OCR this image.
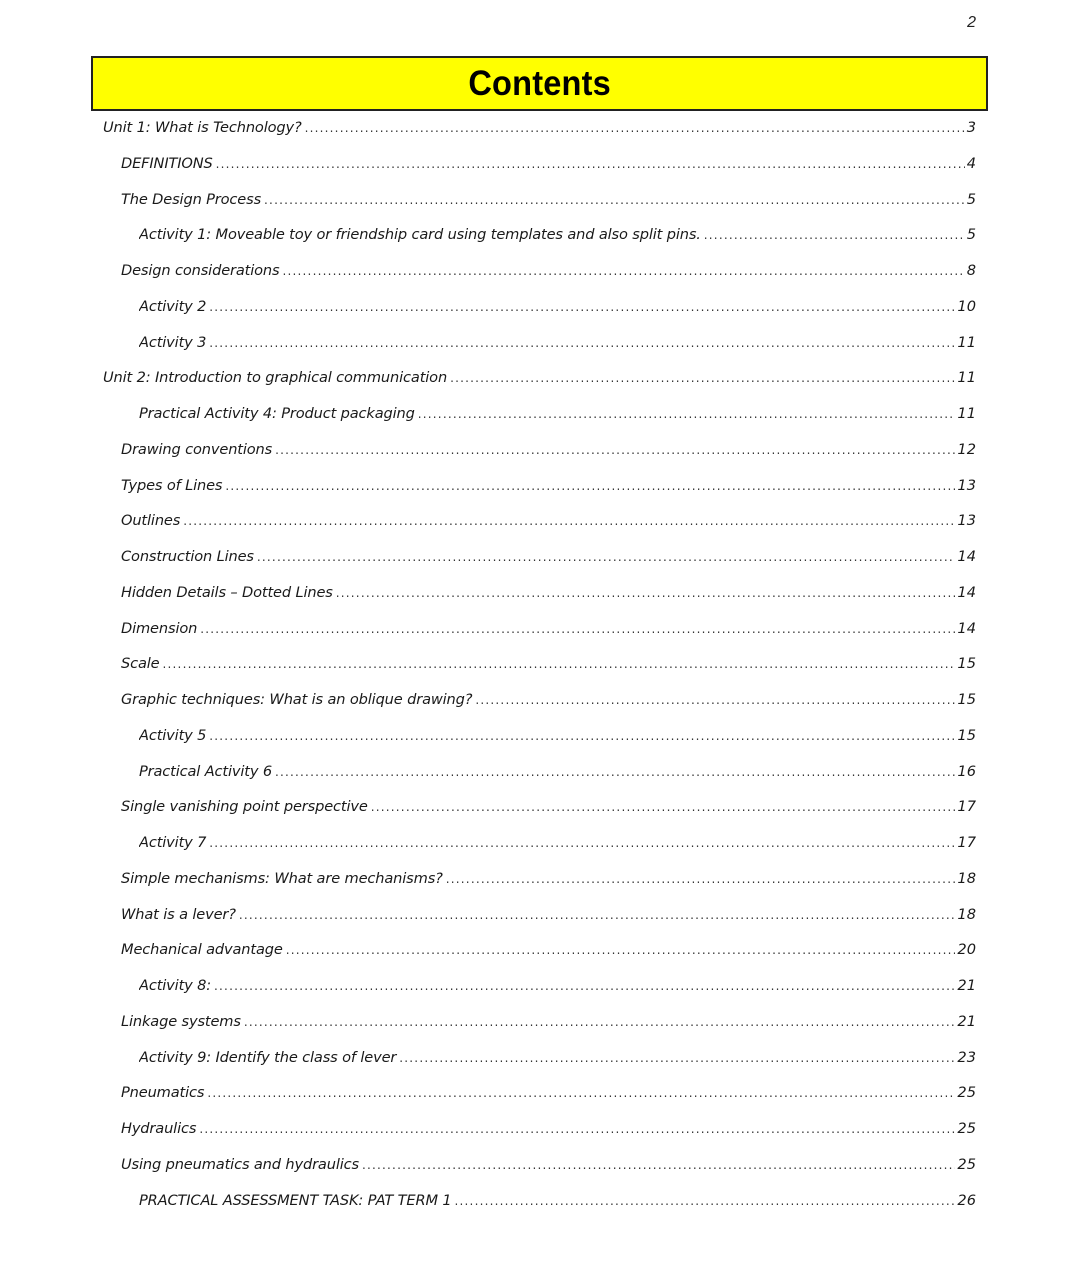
2
Contents
Unit 1: What is Technology? .....	3
DEFINITIONS .....	4
The Design Process .....	5
Activity 1: Moveable toy or friendship card using templates and also split pins. .....	5
Design considerations .....	8
Activity 2 .....	10
Activity 3 .....	11
Unit 2: Introduction to graphical communication .....	11
Practical Activity 4: Product packaging .....	11
Drawing conventions .....	12
Types of Lines .....	13
Outlines .....	13
Construction Lines .....	14
Hidden Details – Dotted Lines .....	14
Dimension .....	14
Scale .....	15
Graphic techniques: What is an oblique drawing? .....	15
Activity 5 .....	15
Practical Activity 6 .....	16
Single vanishing point perspective .....	17
Activity 7 .....	17
Simple mechanisms: What are mechanisms? .....	18
What is a lever? .....	18
Mechanical advantage .....	20
Activity 8: .....	21
Linkage systems .....	21
Activity 9: Identify the class of lever .....	23
Pneumatics .....	25
Hydraulics .....	25
Using pneumatics and hydraulics .....	25
PRACTICAL ASSESSMENT TASK: PAT TERM 1 .....	26
